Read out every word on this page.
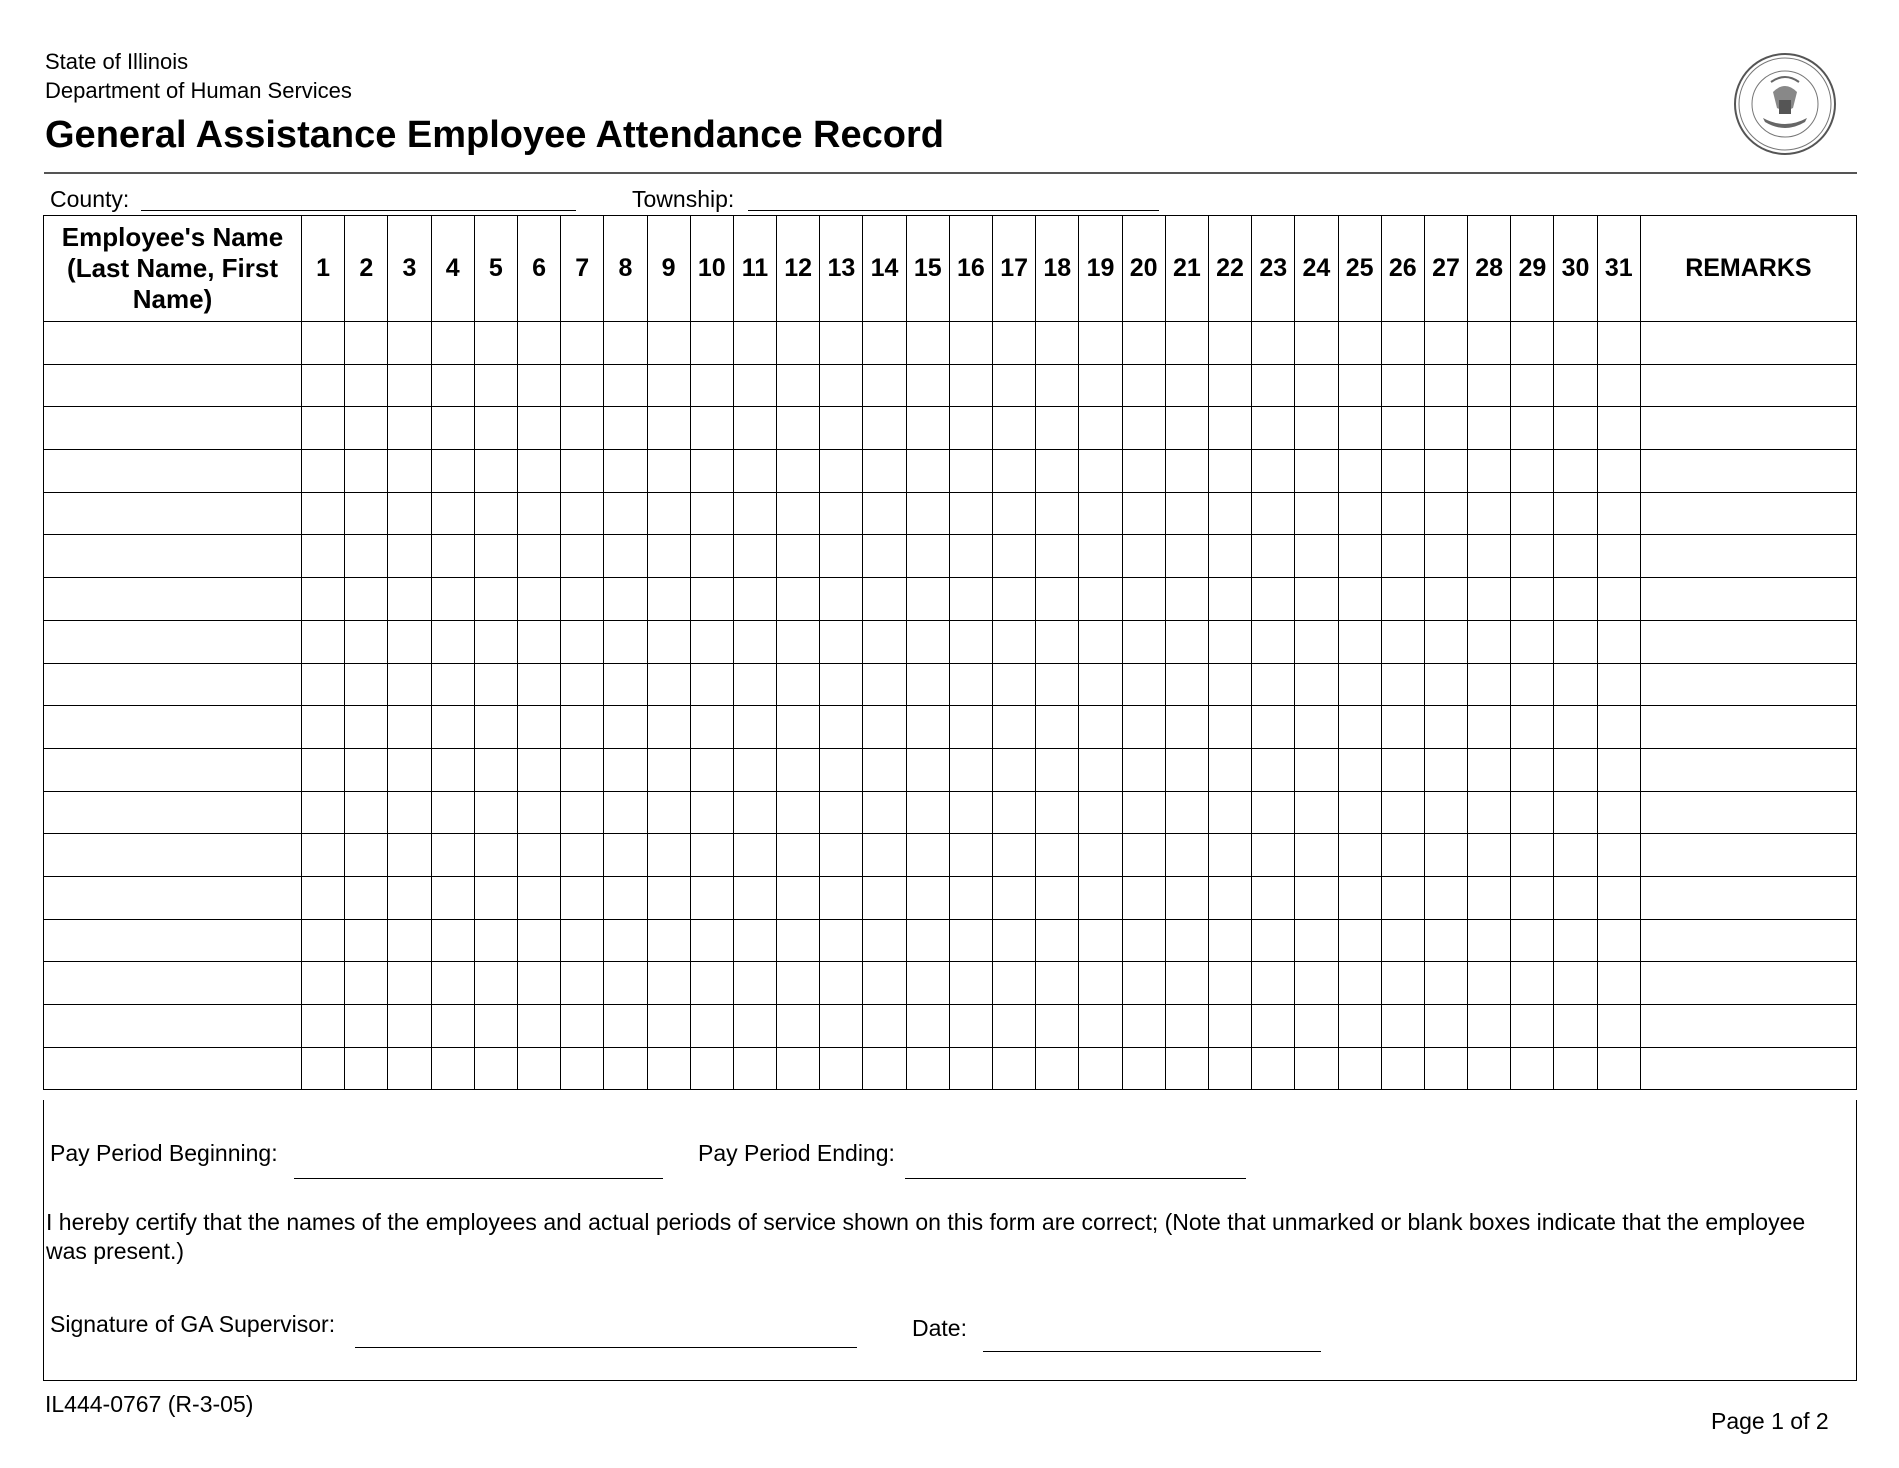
State of Illinois
Department of Human Services
General Assistance Employee Attendance Record
County:	Township:
Employee's Name
(Last Name, First
Name)	1	2	3	4	5	6	7	8	9	10	11	12	13	14	15	16	17	18	19	20	21	22	23	24	25	26	27	28	29	30	31	REMARKS

Pay Period Beginning:	Pay Period Ending:
I hereby certify that the names of the employees and actual periods of service shown on this form are correct; (Note that unmarked or blank boxes indicate that the employee was present.)
Signature of GA Supervisor:	Date:
IL444-0767 (R-3-05)
Page 1 of 2
